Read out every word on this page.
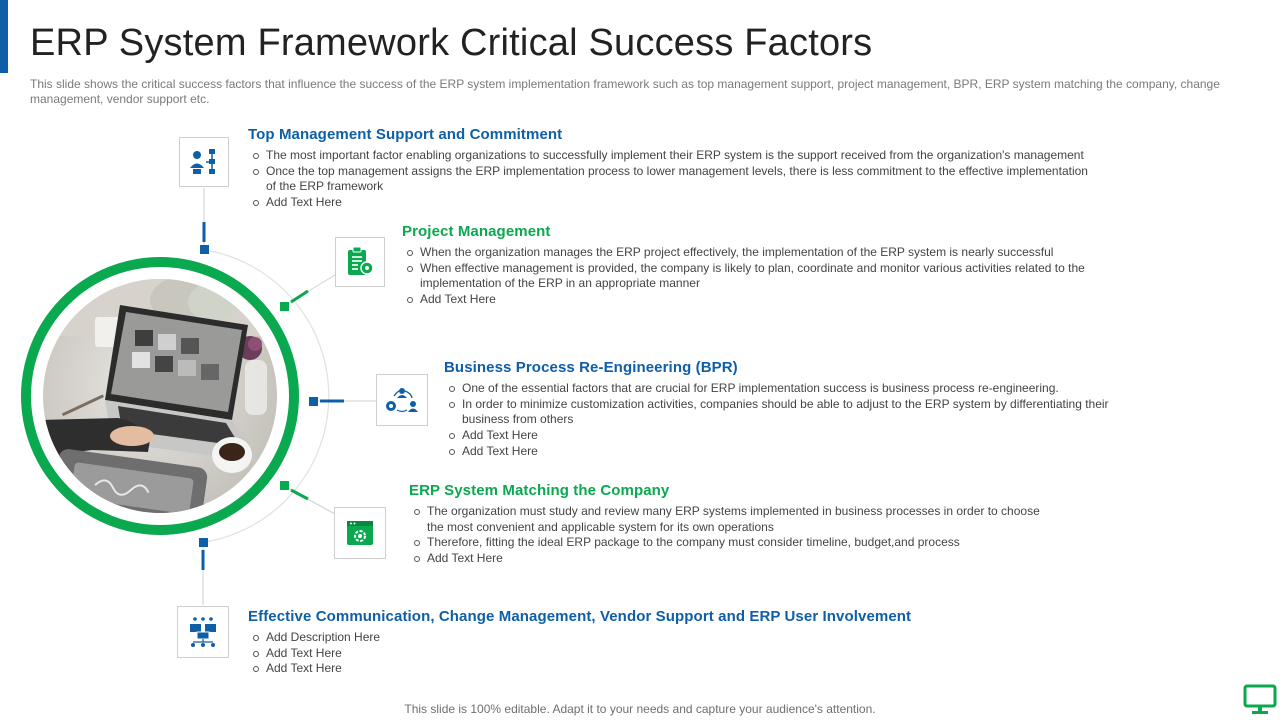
ERP System Framework Critical Success Factors
This slide shows the critical success factors that influence the success of the ERP system implementation framework such as top management support, project management, BPR, ERP system matching the company, change management, vendor support etc.
Top Management Support and Commitment
The most important factor enabling organizations to successfully implement their ERP system is the support received from the organization's management
Once the top management assigns the ERP implementation process to lower management levels, there is less commitment to the effective implementation of the ERP framework
Add Text Here
Project Management
When the organization manages the ERP project effectively, the implementation of the ERP system is nearly successful
When effective management is provided, the company is likely to plan, coordinate and monitor various activities related to the implementation of the ERP in an appropriate manner
Add Text Here
Business Process Re-Engineering (BPR)
One of the essential factors that are crucial for ERP implementation success is business process re-engineering.
In order to minimize customization activities, companies should be able to adjust to the ERP system by differentiating their business from others
Add Text Here
Add Text Here
ERP System Matching the Company
The organization must study and review many ERP systems implemented in business processes in order to choose the most convenient and applicable system for its own operations
Therefore, fitting the ideal ERP package to the company must consider timeline, budget,and process
Add Text Here
Effective Communication, Change Management, Vendor Support and ERP User Involvement
Add Description Here
Add Text Here
Add Text Here
This slide is 100% editable. Adapt it to your needs and capture your audience's attention.
